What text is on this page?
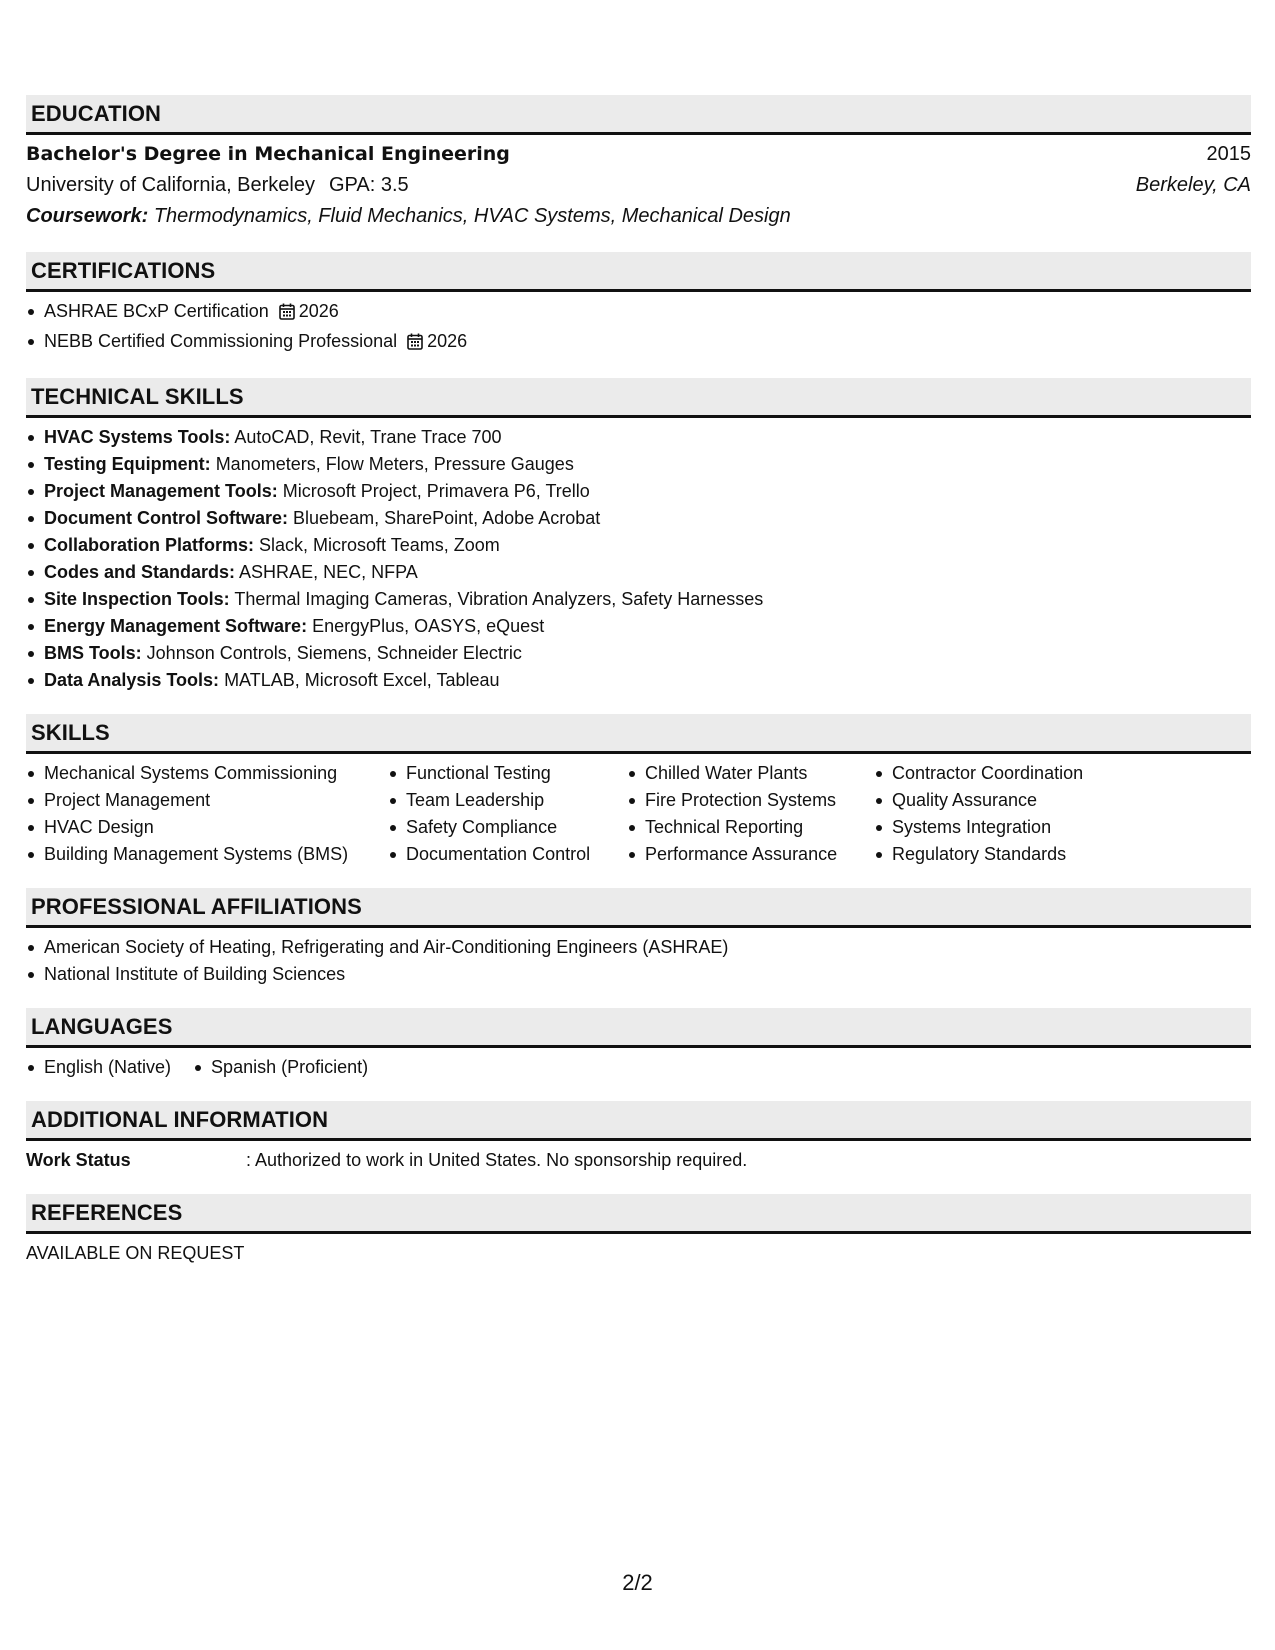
EDUCATION
Bachelor's Degree in Mechanical Engineering	2015
University of California, Berkeley GPA: 3.5	Berkeley, CA
Coursework: Thermodynamics, Fluid Mechanics, HVAC Systems, Mechanical Design
CERTIFICATIONS
ASHRAE BCxP Certification 2026
NEBB Certified Commissioning Professional 2026
TECHNICAL SKILLS
HVAC Systems Tools: AutoCAD, Revit, Trane Trace 700
Testing Equipment: Manometers, Flow Meters, Pressure Gauges
Project Management Tools: Microsoft Project, Primavera P6, Trello
Document Control Software: Bluebeam, SharePoint, Adobe Acrobat
Collaboration Platforms: Slack, Microsoft Teams, Zoom
Codes and Standards: ASHRAE, NEC, NFPA
Site Inspection Tools: Thermal Imaging Cameras, Vibration Analyzers, Safety Harnesses
Energy Management Software: EnergyPlus, OASYS, eQuest
BMS Tools: Johnson Controls, Siemens, Schneider Electric
Data Analysis Tools: MATLAB, Microsoft Excel, Tableau
SKILLS
Mechanical Systems Commissioning
Project Management
HVAC Design
Building Management Systems (BMS)
Functional Testing
Team Leadership
Safety Compliance
Documentation Control
Chilled Water Plants
Fire Protection Systems
Technical Reporting
Performance Assurance
Contractor Coordination
Quality Assurance
Systems Integration
Regulatory Standards
PROFESSIONAL AFFILIATIONS
American Society of Heating, Refrigerating and Air-Conditioning Engineers (ASHRAE)
National Institute of Building Sciences
LANGUAGES
English (Native)	Spanish (Proficient)
ADDITIONAL INFORMATION
Work Status	: Authorized to work in United States. No sponsorship required.
REFERENCES
AVAILABLE ON REQUEST
2/2
